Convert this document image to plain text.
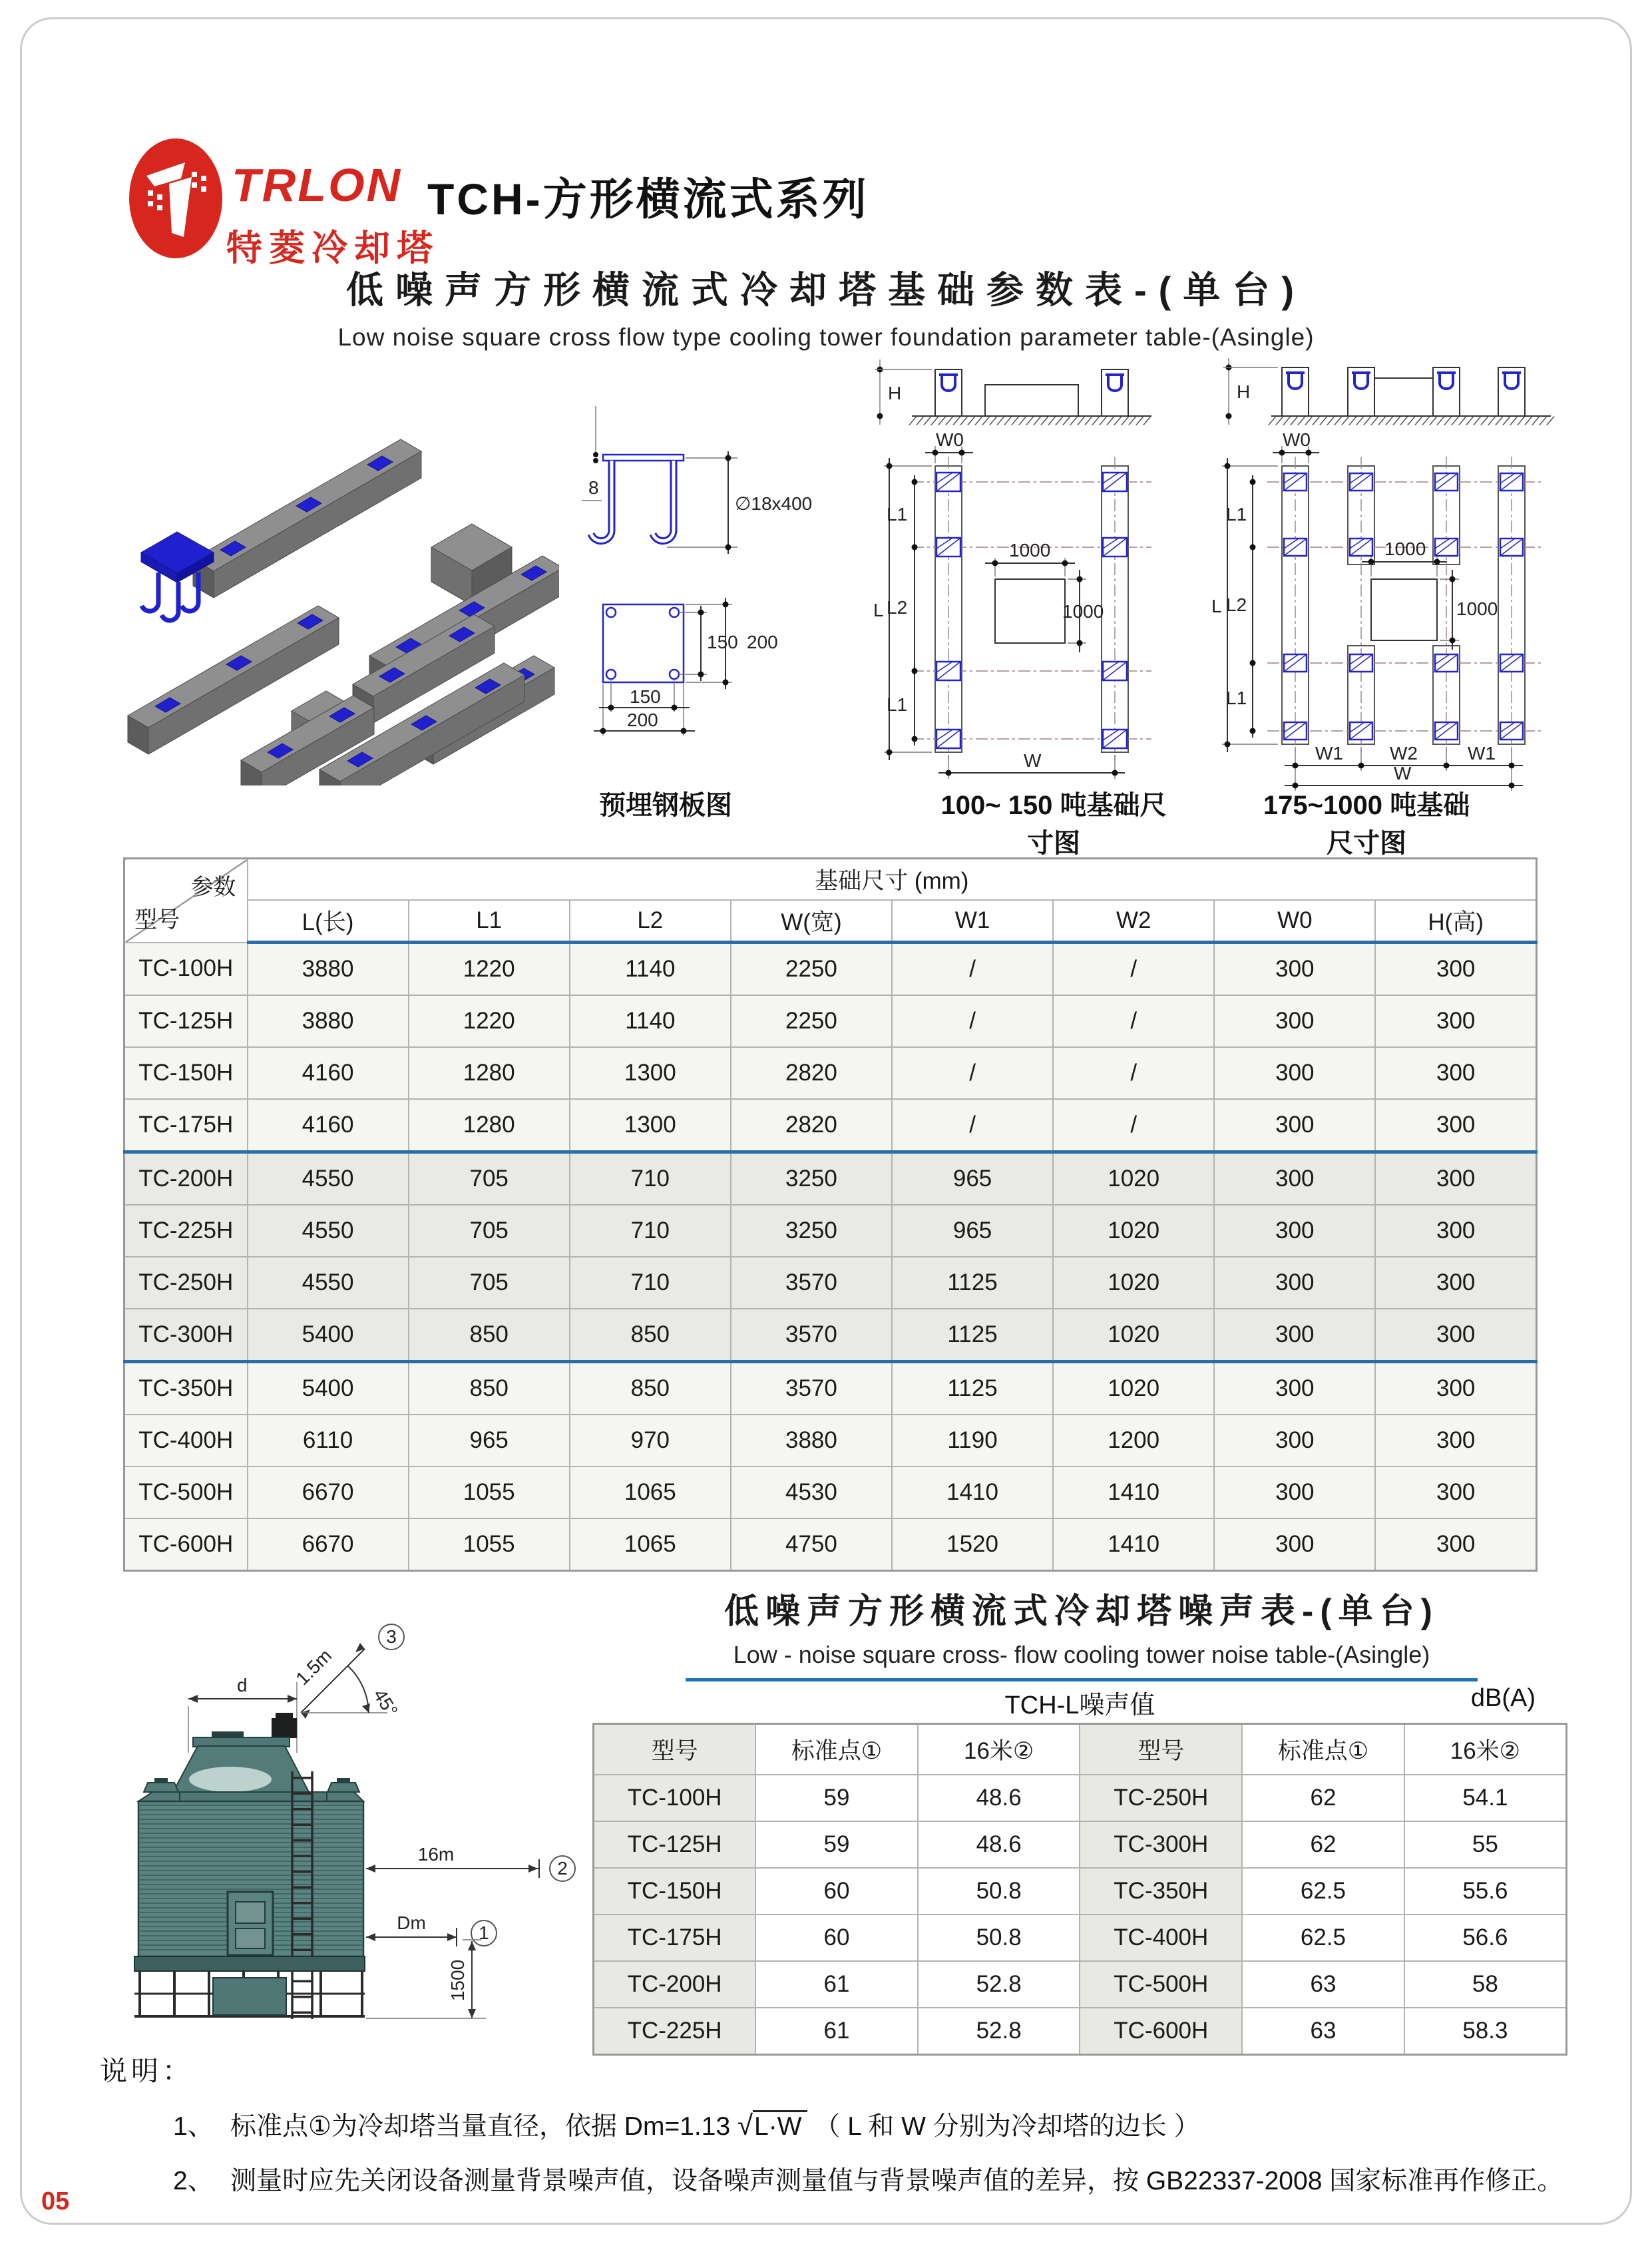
TRLON
特菱冷却塔
TCH-方形横流式系列
低噪声方形横流式冷却塔基础参数表-(单台)
Low noise square cross flow type cooling tower foundation parameter table-(Asingle)
8
∅18x400
150 200
150
200
H
W0
L
L1
L2
L1
1000
1000
W
H
W0
L
L1
L2
L1
1000
1000
W1	W2	W1
W
预埋钢板图	100~ 150 吨基础尺寸图
175~1000 吨基础尺寸图
参数
型号	基础尺寸 (mm)							
	L(长)	L1	L2	W(宽)	W1	W2	W0	H(高)
TC-100H	3880	1220	1140	2250	/	/	300	300
TC-125H	3880	1220	1140	2250	/	/	300	300
TC-150H	4160	1280	1300	2820	/	/	300	300
TC-175H	4160	1280	1300	2820	/	/	300	300
TC-200H	4550	705	710	3250	965	1020	300	300
TC-225H	4550	705	710	3250	965	1020	300	300
TC-250H	4550	705	710	3570	1125	1020	300	300
TC-300H	5400	850	850	3570	1125	1020	300	300
TC-350H	5400	850	850	3570	1125	1020	300	300
TC-400H	6110	965	970	3880	1190	1200	300	300
TC-500H	6670	1055	1065	4530	1410	1410	300	300
TC-600H	6670	1055	1065	4750	1520	1410	300	300
低噪声方形横流式冷却塔噪声表-(单台)
Low - noise square cross- flow cooling tower noise table-(Asingle)
d 1.5m
45°
3
16m
2
Dm	1
1500
TCH-L噪声值	dB(A)
型号	标准点①	16米②	型号	标准点①	16米②
TC-100H	59	48.6	TC-250H	62	54.1
TC-125H	59	48.6	TC-300H	62	55
TC-150H	60	50.8	TC-350H	62.5	55.6
TC-175H	60	50.8	TC-400H	62.5	56.6
TC-200H	61	52.8	TC-500H	63	58
TC-225H	61	52.8	TC-600H	63	58.3
说明：
1、 标准点①为冷却塔当量直径，依据 Dm=1.13 √L·W （ L 和 W 分别为冷却塔的边长 ）
2、 测量时应先关闭设备测量背景噪声值，设备噪声测量值与背景噪声值的差异，按 GB22337-2008 国家标准再作修正。
05
